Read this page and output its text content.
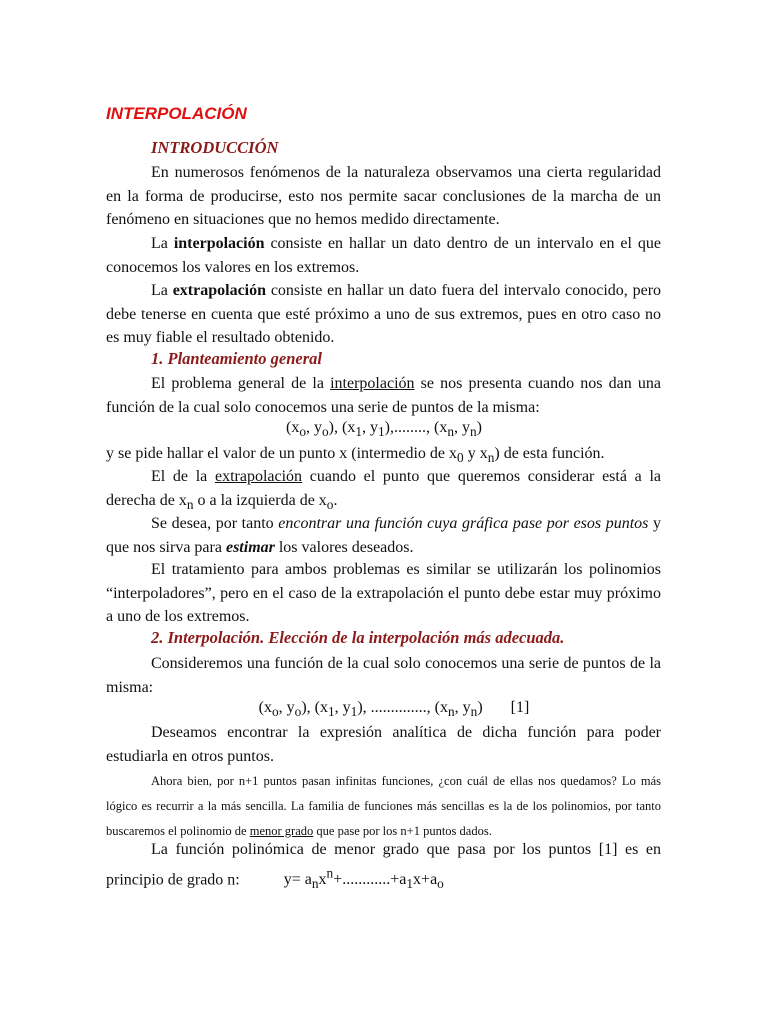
INTERPOLACIÓN
INTRODUCCIÓN

En numerosos fenómenos de la naturaleza observamos una cierta regularidad en la forma de producirse, esto nos permite sacar conclusiones de la marcha de un fenómeno en situaciones que no hemos medido directamente.

La interpolación consiste en hallar un dato dentro de un intervalo en el que conocemos los valores en los extremos.

La extrapolación consiste en hallar un dato fuera del intervalo conocido, pero debe tenerse en cuenta que esté próximo a uno de sus extremos, pues en otro caso no es muy fiable el resultado obtenido.

1. Planteamiento general

El problema general de la interpolación se nos presenta cuando nos dan una función de la cual solo conocemos una serie de puntos de la misma:

($x_o$, $y_o$), ($x_1$, $y_1$),........, ($x_n$, $y_n$)

y se pide hallar el valor de un punto x (intermedio de $x_0$ y $x_n$) de esta función.

El de la extrapolación cuando el punto que queremos considerar está a la derecha de $x_n$ o a la izquierda de $x_o$.

Se desea, por tanto encontrar una función cuya gráfica pase por esos puntos y que nos sirva para estimar los valores deseados.

El tratamiento para ambos problemas es similar se utilizarán los polinomios “interpoladores”, pero en el caso de la extrapolación el punto debe estar muy próximo a uno de los extremos.

2. Interpolación. Elección de la interpolación más adecuada.

Consideremos una función de la cual solo conocemos una serie de puntos de la misma:

($x_o$, $y_o$), ($x_1$, $y_1$), .............., ($x_n$, $y_n$)       [1]

Deseamos encontrar la expresión analítica de dicha función para poder estudiarla en otros puntos.

Ahora bien, por n+1 puntos pasan infinitas funciones, ¿con cuál de ellas nos quedamos? Lo más lógico es recurrir a la más sencilla. La familia de funciones más sencillas es la de los polinomios, por tanto buscaremos el polinomio de menor grado que pase por los n+1 puntos dados.

La función polinómica de menor grado que pasa por los puntos [1] es en principio de grado n:	$y= a_nx^n+............+a_1x+a_o$
